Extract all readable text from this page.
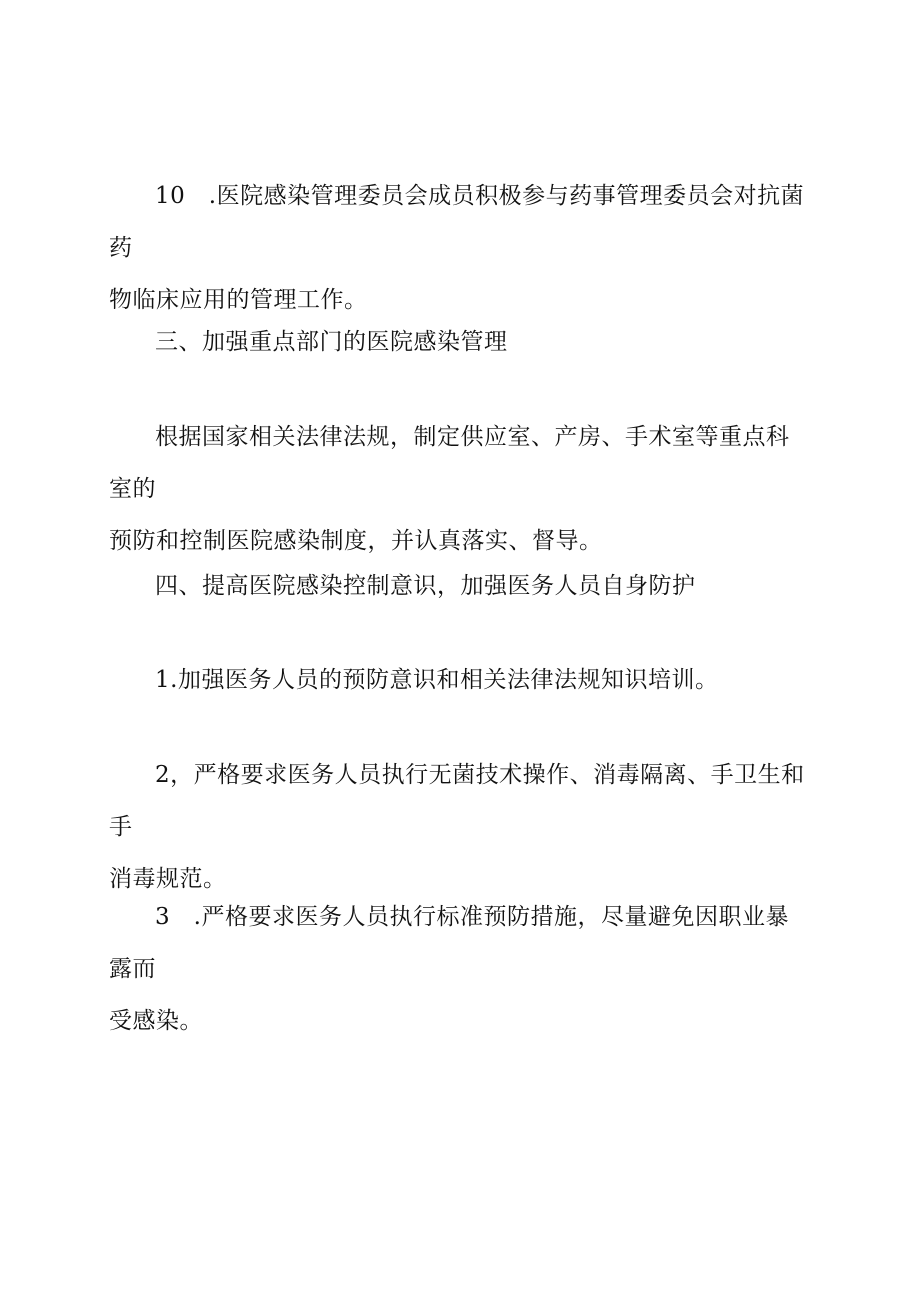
10　.医院感染管理委员会成员积极参与药事管理委员会对抗菌药
物临床应用的管理工作。
三、加强重点部门的医院感染管理
根据国家相关法律法规，制定供应室、产房、手术室等重点科室的
预防和控制医院感染制度，并认真落实、督导。
四、提高医院感染控制意识，加强医务人员自身防护
1.加强医务人员的预防意识和相关法律法规知识培训。
2，严格要求医务人员执行无菌技术操作、消毒隔离、手卫生和手
消毒规范。
3　.严格要求医务人员执行标准预防措施，尽量避免因职业暴露而
受感染。
